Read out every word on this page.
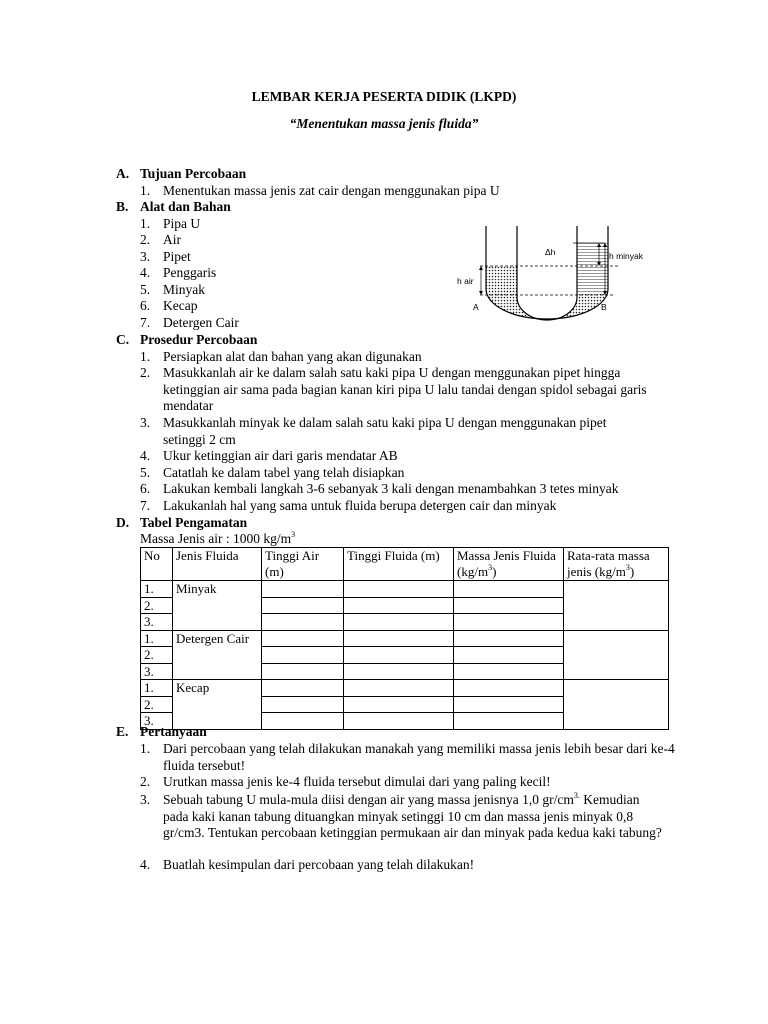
LEMBAR KERJA PESERTA DIDIK (LKPD)
“Menentukan massa jenis fluida”
A. Tujuan Percobaan
1. Menentukan massa jenis zat cair dengan menggunakan pipa U
B. Alat dan Bahan
1. Pipa U
2. Air
3. Pipet
4. Penggaris
5. Minyak
6. Kecap
7. Detergen Cair
Δh	h minyak
h air
A	B
C. Prosedur Percobaan
1. Persiapkan alat dan bahan yang akan digunakan
2. Masukkanlah air ke dalam salah satu kaki pipa U dengan menggunakan pipet hingga ketinggian air sama pada bagian kanan kiri pipa U lalu tandai dengan spidol sebagai garis mendatar
3. Masukkanlah minyak ke dalam salah satu kaki pipa U dengan menggunakan pipet setinggi 2 cm
4. Ukur ketinggian air dari garis mendatar AB
5. Catatlah ke dalam tabel yang telah disiapkan
6. Lakukan kembali langkah 3-6 sebanyak 3 kali dengan menambahkan 3 tetes minyak
7. Lakukanlah hal yang sama untuk fluida berupa detergen cair dan minyak
D. Tabel Pengamatan
Massa Jenis air : 1000 $kg/m^3$
No	Jenis Fluida	Tinggi Air (m)	Tinggi Fluida (m)	Massa Jenis Fluida $(kg/m^3)$	Rata-rata massa jenis $(kg/m^3)$
1.	Minyak				
2.					
3.					
1.	Detergen Cair				
2.					
3.					
1.	Kecap				
2.					
3.					
E. Pertanyaan
1. Dari percobaan yang telah dilakukan manakah yang memiliki massa jenis lebih besar dari ke-4 fluida tersebut!
2. Urutkan massa jenis ke-4 fluida tersebut dimulai dari yang paling kecil!
3. Sebuah tabung U mula-mula diisi dengan air yang massa jenisnya 1,0 $gr/cm^{3.}$ Kemudian pada kaki kanan tabung dituangkan minyak setinggi 10 cm dan massa jenis minyak 0,8 gr/cm3. Tentukan percobaan ketinggian permukaan air dan minyak pada kedua kaki tabung?
4. Buatlah kesimpulan dari percobaan yang telah dilakukan!
